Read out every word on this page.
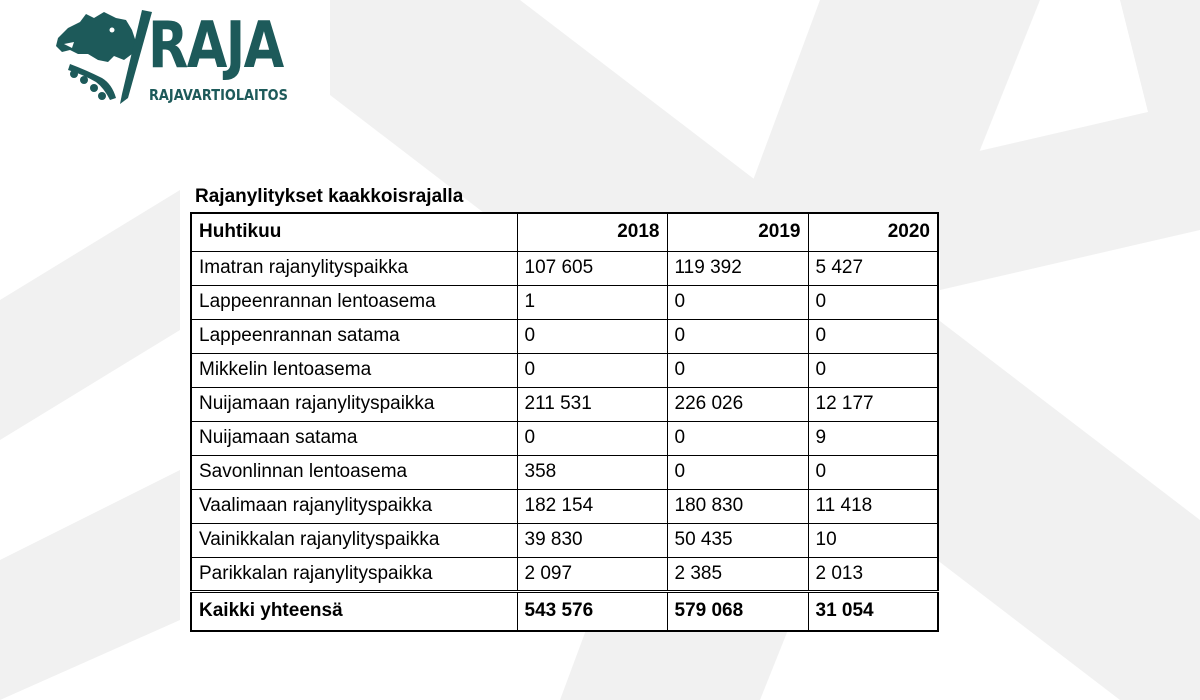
RAJA
RAJAVARTIOLAITOS
Rajanylitykset kaakkoisrajalla
Huhtikuu	2018	2019	2020
Imatran rajanylityspaikka	107 605	119 392	5 427
Lappeenrannan lentoasema	1	0	0
Lappeenrannan satama	0	0	0
Mikkelin lentoasema	0	0	0
Nuijamaan rajanylityspaikka	211 531	226 026	12 177
Nuijamaan satama	0	0	9
Savonlinnan lentoasema	358	0	0
Vaalimaan rajanylityspaikka	182 154	180 830	11 418
Vainikkalan rajanylityspaikka	39 830	50 435	10
Parikkalan rajanylityspaikka	2 097	2 385	2 013
Kaikki yhteensä	543 576	579 068	31 054
